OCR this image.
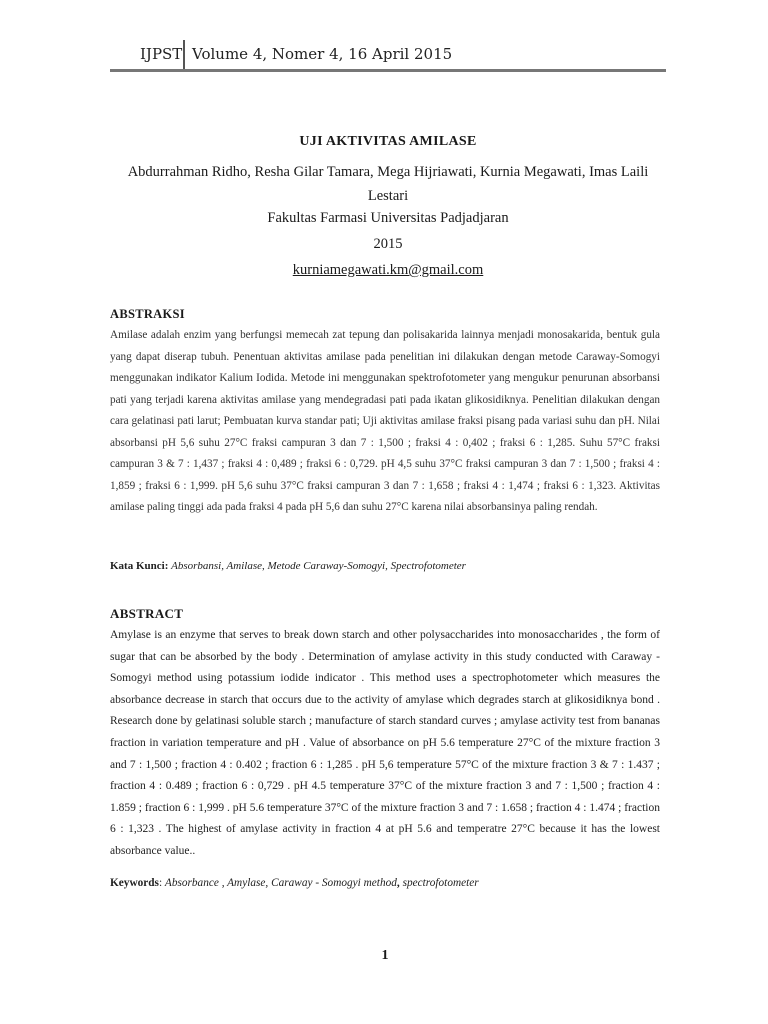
IJPST Volume 4, Nomer 4, 16 April 2015
UJI AKTIVITAS AMILASE
Abdurrahman Ridho, Resha Gilar Tamara, Mega Hijriawati, Kurnia Megawati, Imas Laili Lestari
Fakultas Farmasi Universitas Padjadjaran
2015
kurniamegawati.km@gmail.com
ABSTRAKSI
Amilase adalah enzim yang berfungsi memecah zat tepung dan polisakarida lainnya menjadi monosakarida, bentuk gula yang dapat diserap tubuh. Penentuan aktivitas amilase pada penelitian ini dilakukan dengan metode Caraway-Somogyi menggunakan indikator Kalium Iodida. Metode ini menggunakan spektrofotometer yang mengukur penurunan absorbansi pati yang terjadi karena aktivitas amilase yang mendegradasi pati pada ikatan glikosidiknya. Penelitian dilakukan dengan cara gelatinasi pati larut; Pembuatan kurva standar pati; Uji aktivitas amilase fraksi pisang pada variasi suhu dan pH. Nilai absorbansi pH 5,6 suhu 27°C fraksi campuran 3 dan 7 : 1,500 ; fraksi 4 : 0,402 ; fraksi 6 : 1,285. Suhu 57°C fraksi campuran 3 & 7 : 1,437 ; fraksi 4 : 0,489 ; fraksi 6 : 0,729. pH 4,5 suhu 37°C fraksi campuran 3 dan 7 : 1,500 ; fraksi 4 : 1,859 ; fraksi 6 : 1,999. pH 5,6 suhu 37°C fraksi campuran 3 dan 7 : 1,658 ; fraksi 4 : 1,474 ; fraksi 6 : 1,323. Aktivitas amilase paling tinggi ada pada fraksi 4 pada pH 5,6 dan suhu 27°C karena nilai absorbansinya paling rendah.
Kata Kunci: Absorbansi, Amilase, Metode Caraway-Somogyi, Spectrofotometer
ABSTRACT
Amylase is an enzyme that serves to break down starch and other polysaccharides into monosaccharides , the form of sugar that can be absorbed by the body . Determination of amylase activity in this study conducted with Caraway - Somogyi method using potassium iodide indicator . This method uses a spectrophotometer which measures the absorbance decrease in starch that occurs due to the activity of amylase which degrades starch at glikosidiknya bond . Research done by gelatinasi soluble starch ; manufacture of starch standard curves ; amylase activity test from bananas fraction in variation temperature and pH . Value of absorbance on pH 5.6 temperature 27°C of the mixture fraction 3 and 7 : 1,500 ; fraction 4 : 0.402 ; fraction 6 : 1,285 . pH 5,6 temperature 57°C of the mixture fraction 3 & 7 : 1.437 ; fraction 4 : 0.489 ; fraction 6 : 0,729 . pH 4.5 temperature 37°C of the mixture fraction 3 and 7 : 1,500 ; fraction 4 : 1.859 ; fraction 6 : 1,999 . pH 5.6 temperature 37°C of the mixture fraction 3 and 7 : 1.658 ; fraction 4 : 1.474 ; fraction 6 : 1,323 . The highest of amylase activity in fraction 4 at pH 5.6 and temperatre 27°C because it has the lowest absorbance value..
Keywords: Absorbance , Amylase, Caraway - Somogyi method, spectrofotometer
1
